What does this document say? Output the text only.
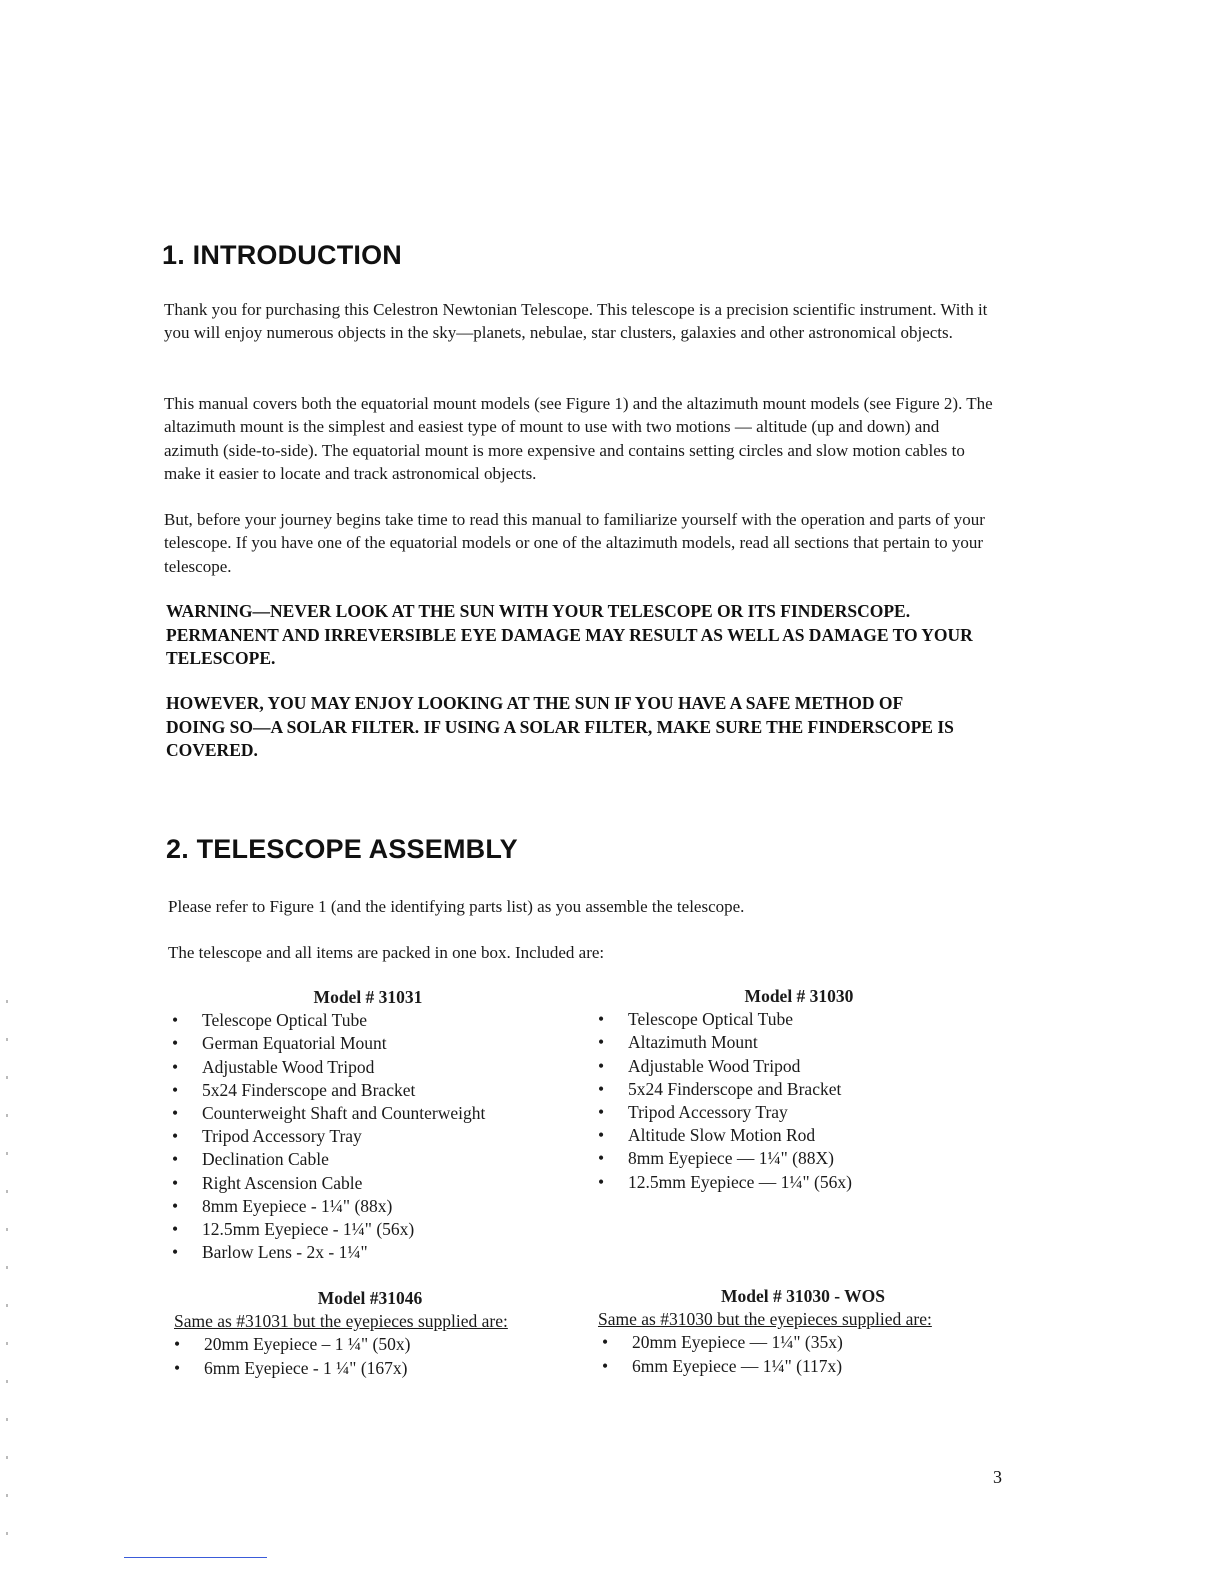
1. INTRODUCTION

Thank you for purchasing this Celestron Newtonian Telescope. This telescope is a precision scientific instrument. With it you will enjoy numerous objects in the sky—planets, nebulae, star clusters, galaxies and other astronomical objects.

This manual covers both the equatorial mount models (see Figure 1) and the altazimuth mount models (see Figure 2). The altazimuth mount is the simplest and easiest type of mount to use with two motions — altitude (up and down) and azimuth (side-to-side). The equatorial mount is more expensive and contains setting circles and slow motion cables to make it easier to locate and track astronomical objects.

But, before your journey begins take time to read this manual to familiarize yourself with the operation and parts of your telescope. If you have one of the equatorial models or one of the altazimuth models, read all sections that pertain to your telescope.

WARNING—NEVER LOOK AT THE SUN WITH YOUR TELESCOPE OR ITS FINDERSCOPE. PERMANENT AND IRREVERSIBLE EYE DAMAGE MAY RESULT AS WELL AS DAMAGE TO YOUR TELESCOPE.

HOWEVER, YOU MAY ENJOY LOOKING AT THE SUN IF YOU HAVE A SAFE METHOD OF DOING SO—A SOLAR FILTER. IF USING A SOLAR FILTER, MAKE SURE THE FINDERSCOPE IS COVERED.

2. TELESCOPE ASSEMBLY

Please refer to Figure 1 (and the identifying parts list) as you assemble the telescope.

The telescope and all items are packed in one box. Included are:

Model # 31031
• Telescope Optical Tube
• German Equatorial Mount
• Adjustable Wood Tripod
• 5x24 Finderscope and Bracket
• Counterweight Shaft and Counterweight
• Tripod Accessory Tray
• Declination Cable
• Right Ascension Cable
• 8mm Eyepiece - 1¼" (88x)
• 12.5mm Eyepiece - 1¼" (56x)
• Barlow Lens - 2x - 1¼"
Model # 31030
• Telescope Optical Tube
• Altazimuth Mount
• Adjustable Wood Tripod
• 5x24 Finderscope and Bracket
• Tripod Accessory Tray
• Altitude Slow Motion Rod
• 8mm Eyepiece — 1¼" (88X)
• 12.5mm Eyepiece — 1¼" (56x)
Model #31046
Same as #31031 but the eyepieces supplied are:
• 20mm Eyepiece – 1 ¼" (50x)
• 6mm Eyepiece - 1 ¼" (167x)
Model # 31030 - WOS
Same as #31030 but the eyepieces supplied are:
• 20mm Eyepiece — 1¼" (35x)
• 6mm Eyepiece — 1¼" (117x)
3
